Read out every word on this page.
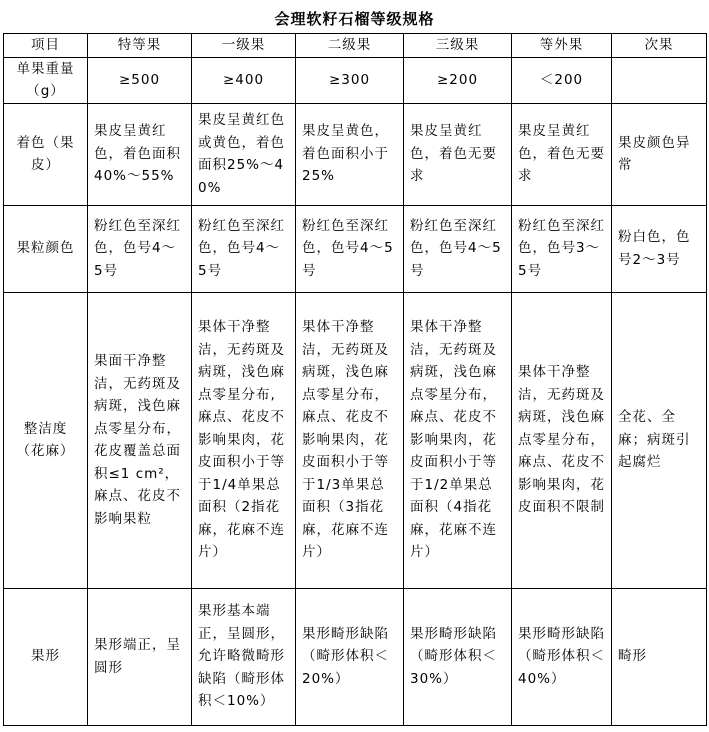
会理软籽石榴等级规格
项目	特等果	一级果	二级果	三级果	等外果	次果
单果重量（g）	≥500	≥400	≥300	≥200	＜200	
着色（果皮）	果皮呈黄红色，着色面积40%～55%	果皮呈黄红色或黄色，着色面积25%～40%	果皮呈黄色，着色面积小于25%	果皮呈黄红色，着色无要求	果皮呈黄红色，着色无要求	果皮颜色异常
果粒颜色	粉红色至深红色，色号4～5号	粉红色至深红色，色号4～5号	粉红色至深红色，色号4～5号	粉红色至深红色，色号4～5号	粉红色至深红色，色号3～5号	粉白色，色号2～3号
整洁度（花麻）	果面干净整洁，无药斑及病斑，浅色麻点零星分布，花皮覆盖总面积≤1 cm²，麻点、花皮不影响果粒	果体干净整洁，无药斑及病斑，浅色麻点零星分布,麻点、花皮不影响果肉，花皮面积小于等于1/4单果总面积（2指花麻，花麻不连片）	果体干净整洁，无药斑及病斑，浅色麻点零星分布，麻点、花皮不影响果肉，花皮面积小于等于1/3单果总面积（3指花麻，花麻不连片）	果体干净整洁，无药斑及病斑，浅色麻点零星分布，麻点、花皮不影响果肉，花皮面积小于等于1/2单果总面积（4指花麻，花麻不连片）	果体干净整洁，无药斑及病斑，浅色麻点零星分布，麻点、花皮不影响果肉，花皮面积不限制	全花、全麻；病斑引起腐烂
果形	果形端正，呈圆形	果形基本端正，呈圆形，允许略微畸形缺陷（畸形体积＜10%）	果形畸形缺陷（畸形体积＜20%）	果形畸形缺陷（畸形体积＜30%）	果形畸形缺陷（畸形体积＜40%）	畸形
